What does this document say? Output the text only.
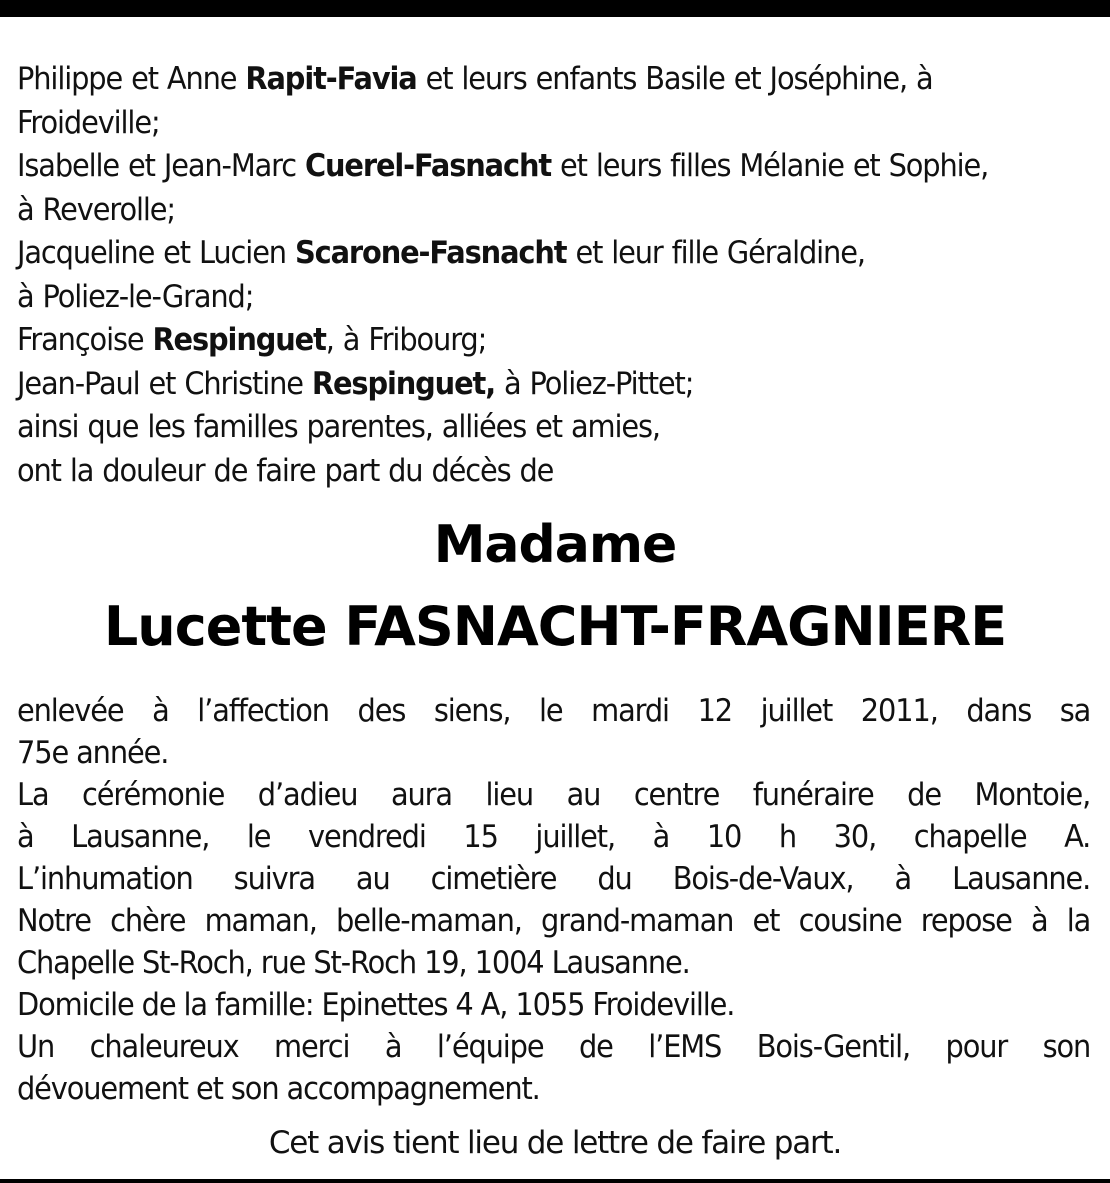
Philippe et Anne Rapit-Favia et leurs enfants Basile et Joséphine, à
Froideville;
Isabelle et Jean-Marc Cuerel-Fasnacht et leurs filles Mélanie et Sophie,
à Reverolle;
Jacqueline et Lucien Scarone-Fasnacht et leur fille Géraldine,
à Poliez-le-Grand;
Françoise Respinguet, à Fribourg;
Jean-Paul et Christine Respinguet, à Poliez-Pittet;
ainsi que les familles parentes, alliées et amies,
ont la douleur de faire part du décès de
Madame
Lucette FASNACHT-FRAGNIERE
enlevée à l’affection des siens, le mardi 12 juillet 2011, dans sa
75e année.
La cérémonie d’adieu aura lieu au centre funéraire de Montoie,
à Lausanne, le vendredi 15 juillet, à 10 h 30, chapelle A.
L’inhumation suivra au cimetière du Bois-de-Vaux, à Lausanne.
Notre chère maman, belle-maman, grand-maman et cousine repose à la
Chapelle St-Roch, rue St-Roch 19, 1004 Lausanne.
Domicile de la famille: Epinettes 4 A, 1055 Froideville.
Un chaleureux merci à l’équipe de l’EMS Bois-Gentil, pour son
dévouement et son accompagnement.
Cet avis tient lieu de lettre de faire part.
